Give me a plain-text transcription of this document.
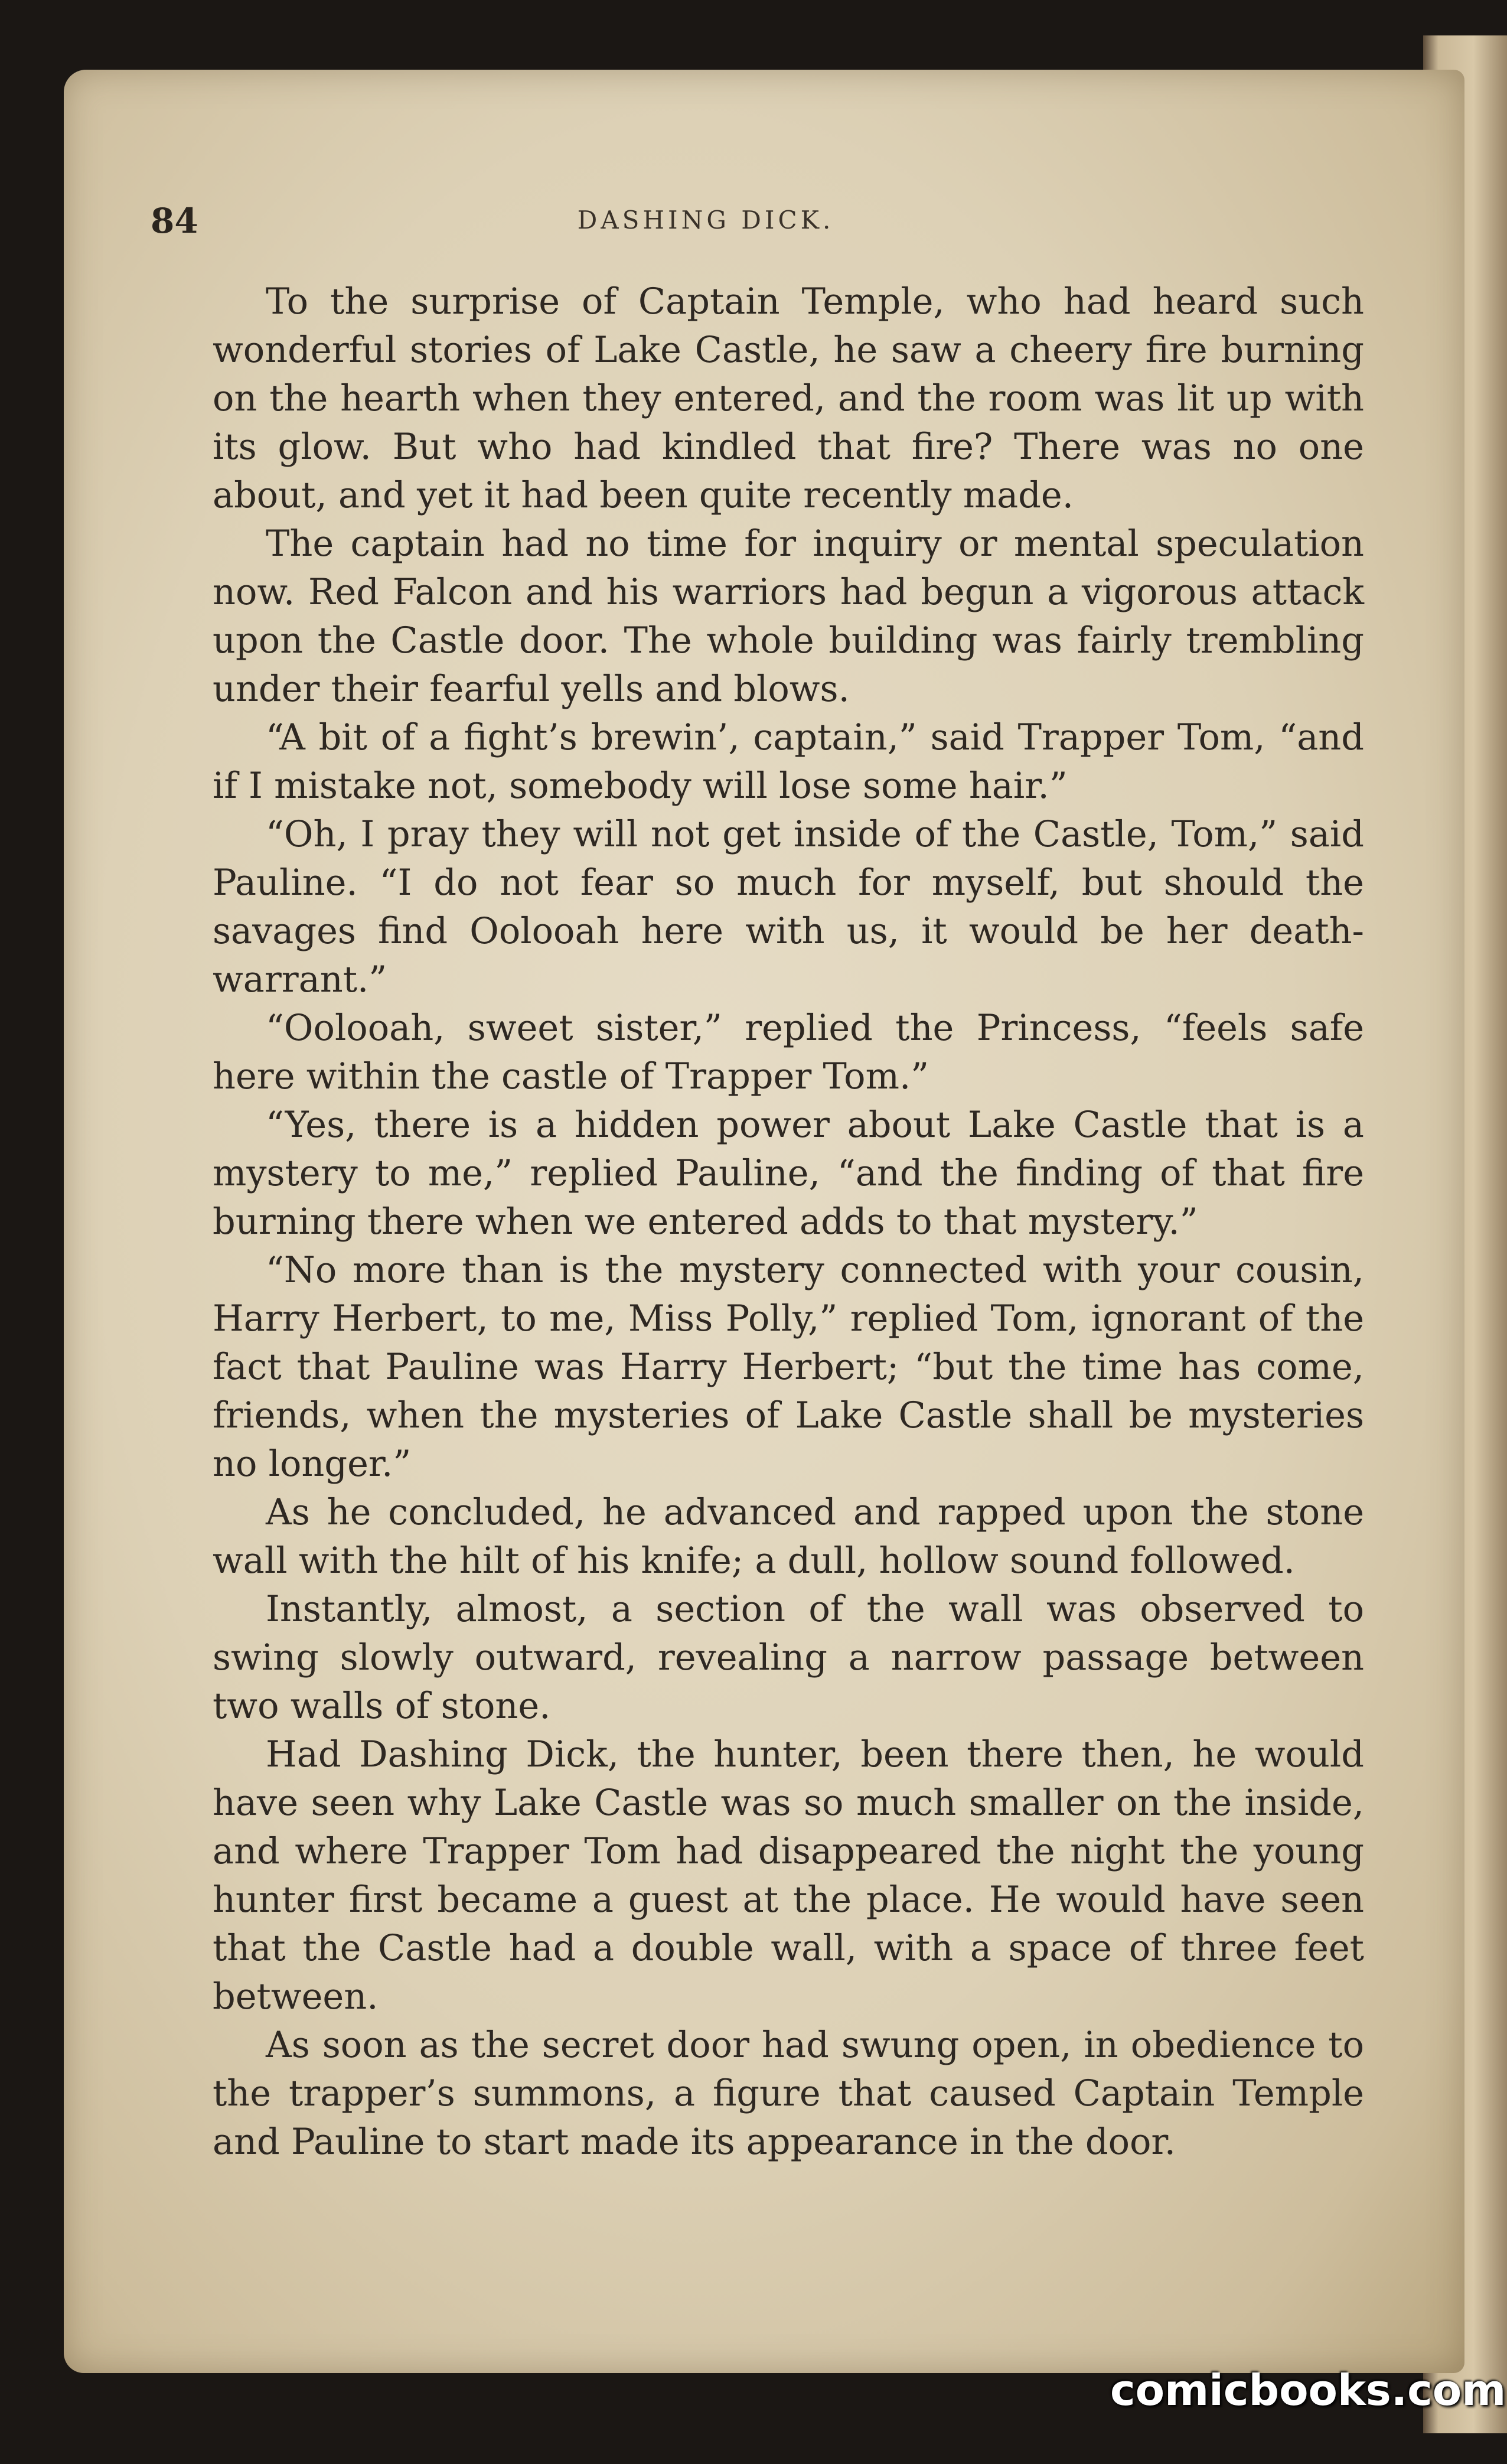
84	DASHING DICK.

To the surprise of Captain Temple, who had heard such wonderful stories of Lake Castle, he saw a cheery fire burning on the hearth when they entered, and the room was lit up with its glow. But who had kindled that fire? There was no one about, and yet it had been quite recently made.

The captain had no time for inquiry or mental speculation now. Red Falcon and his warriors had begun a vigorous attack upon the Castle door. The whole building was fairly trembling under their fearful yells and blows.

“A bit of a fight’s brewin’, captain,” said Trapper Tom, “and if I mistake not, somebody will lose some hair.”

“Oh, I pray they will not get inside of the Castle, Tom,” said Pauline. “I do not fear so much for myself, but should the savages find Oolooah here with us, it would be her death-warrant.”

“Oolooah, sweet sister,” replied the Princess, “feels safe here within the castle of Trapper Tom.”

“Yes, there is a hidden power about Lake Castle that is a mystery to me,” replied Pauline, “and the finding of that fire burning there when we entered adds to that mystery.”

“No more than is the mystery connected with your cousin, Harry Herbert, to me, Miss Polly,” replied Tom, ignorant of the fact that Pauline was Harry Herbert; “but the time has come, friends, when the mysteries of Lake Castle shall be mysteries no longer.”

As he concluded, he advanced and rapped upon the stone wall with the hilt of his knife; a dull, hollow sound followed.

Instantly, almost, a section of the wall was observed to swing slowly outward, revealing a narrow passage between two walls of stone.

Had Dashing Dick, the hunter, been there then, he would have seen why Lake Castle was so much smaller on the inside, and where Trapper Tom had disappeared the night the young hunter first became a guest at the place. He would have seen that the Castle had a double wall, with a space of three feet between.

As soon as the secret door had swung open, in obedience to the trapper’s summons, a figure that caused Captain Temple and Pauline to start made its appearance in the door.

comicbooks.com
